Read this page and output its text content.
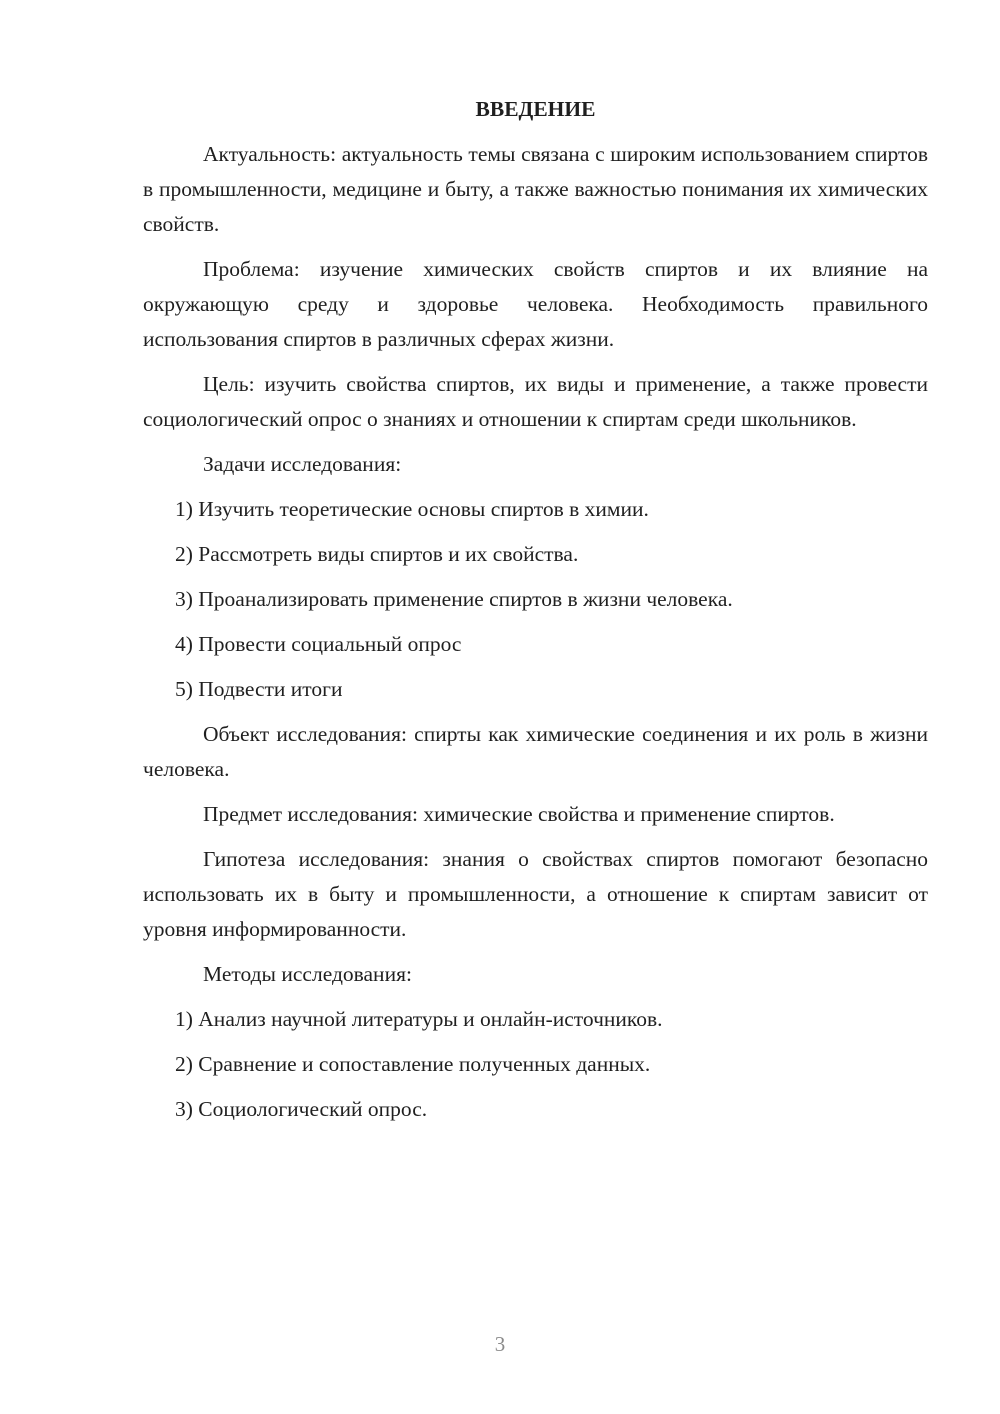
ВВЕДЕНИЕ
Актуальность: актуальность темы связана с широким использованием спиртов в промышленности, медицине и быту, а также важностью понимания их химических свойств.
Проблема: изучение химических свойств спиртов и их влияние на окружающую среду и здоровье человека. Необходимость правильного использования спиртов в различных сферах жизни.
Цель: изучить свойства спиртов, их виды и применение, а также провести социологический опрос о знаниях и отношении к спиртам среди школьников.
Задачи исследования:
1) Изучить теоретические основы спиртов в химии.
2) Рассмотреть виды спиртов и их свойства.
3) Проанализировать применение спиртов в жизни человека.
4) Провести социальный опрос
5) Подвести итоги
Объект исследования: спирты как химические соединения и их роль в жизни человека.
Предмет исследования: химические свойства и применение спиртов.
Гипотеза исследования: знания о свойствах спиртов помогают безопасно использовать их в быту и промышленности, а отношение к спиртам зависит от уровня информированности.
Методы исследования:
1) Анализ научной литературы и онлайн-источников.
2) Сравнение и сопоставление полученных данных.
3) Социологический опрос.
3
